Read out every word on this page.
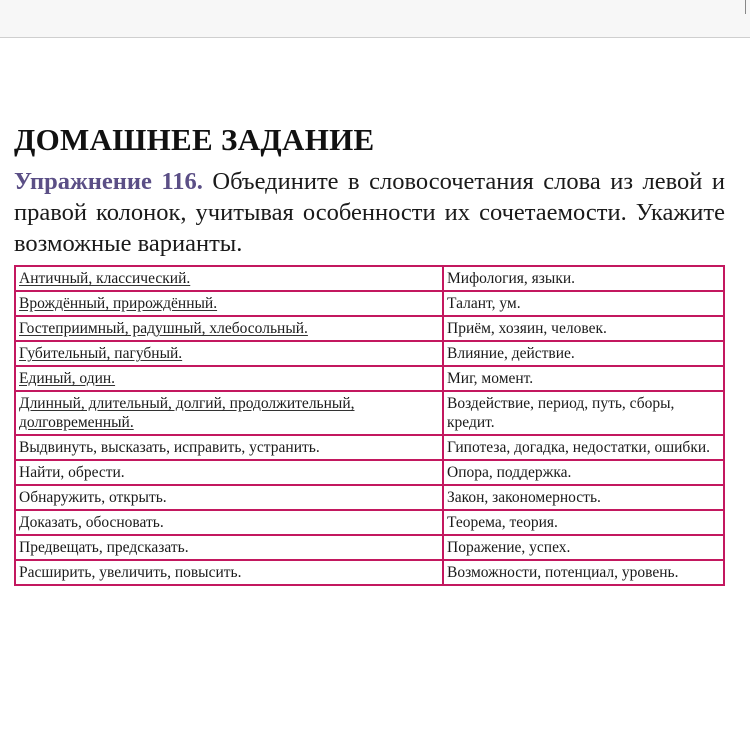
ДОМАШНЕЕ ЗАДАНИЕ

Упражнение 116. Объедините в словосочетания слова из левой и правой колонок, учитывая особенности их сочетаемости. Укажите возможные варианты.

Античный, классический.	Мифология, языки.
Врождённый, прирождённый.	Талант, ум.
Гостеприимный, радушный, хлебосольный.	Приём, хозяин, человек.
Губительный, пагубный.	Влияние, действие.
Единый, один.	Миг, момент.
Длинный, длительный, долгий, продолжительный, долговременный.	Воздействие, период, путь, сборы, кредит.
Выдвинуть, высказать, исправить, устранить.	Гипотеза, догадка, недостатки, ошибки.
Найти, обрести.	Опора, поддержка.
Обнаружить, открыть.	Закон, закономерность.
Доказать, обосновать.	Теорема, теория.
Предвещать, предсказать.	Поражение, успех.
Расширить, увеличить, повысить.	Возможности, потенциал, уровень.
